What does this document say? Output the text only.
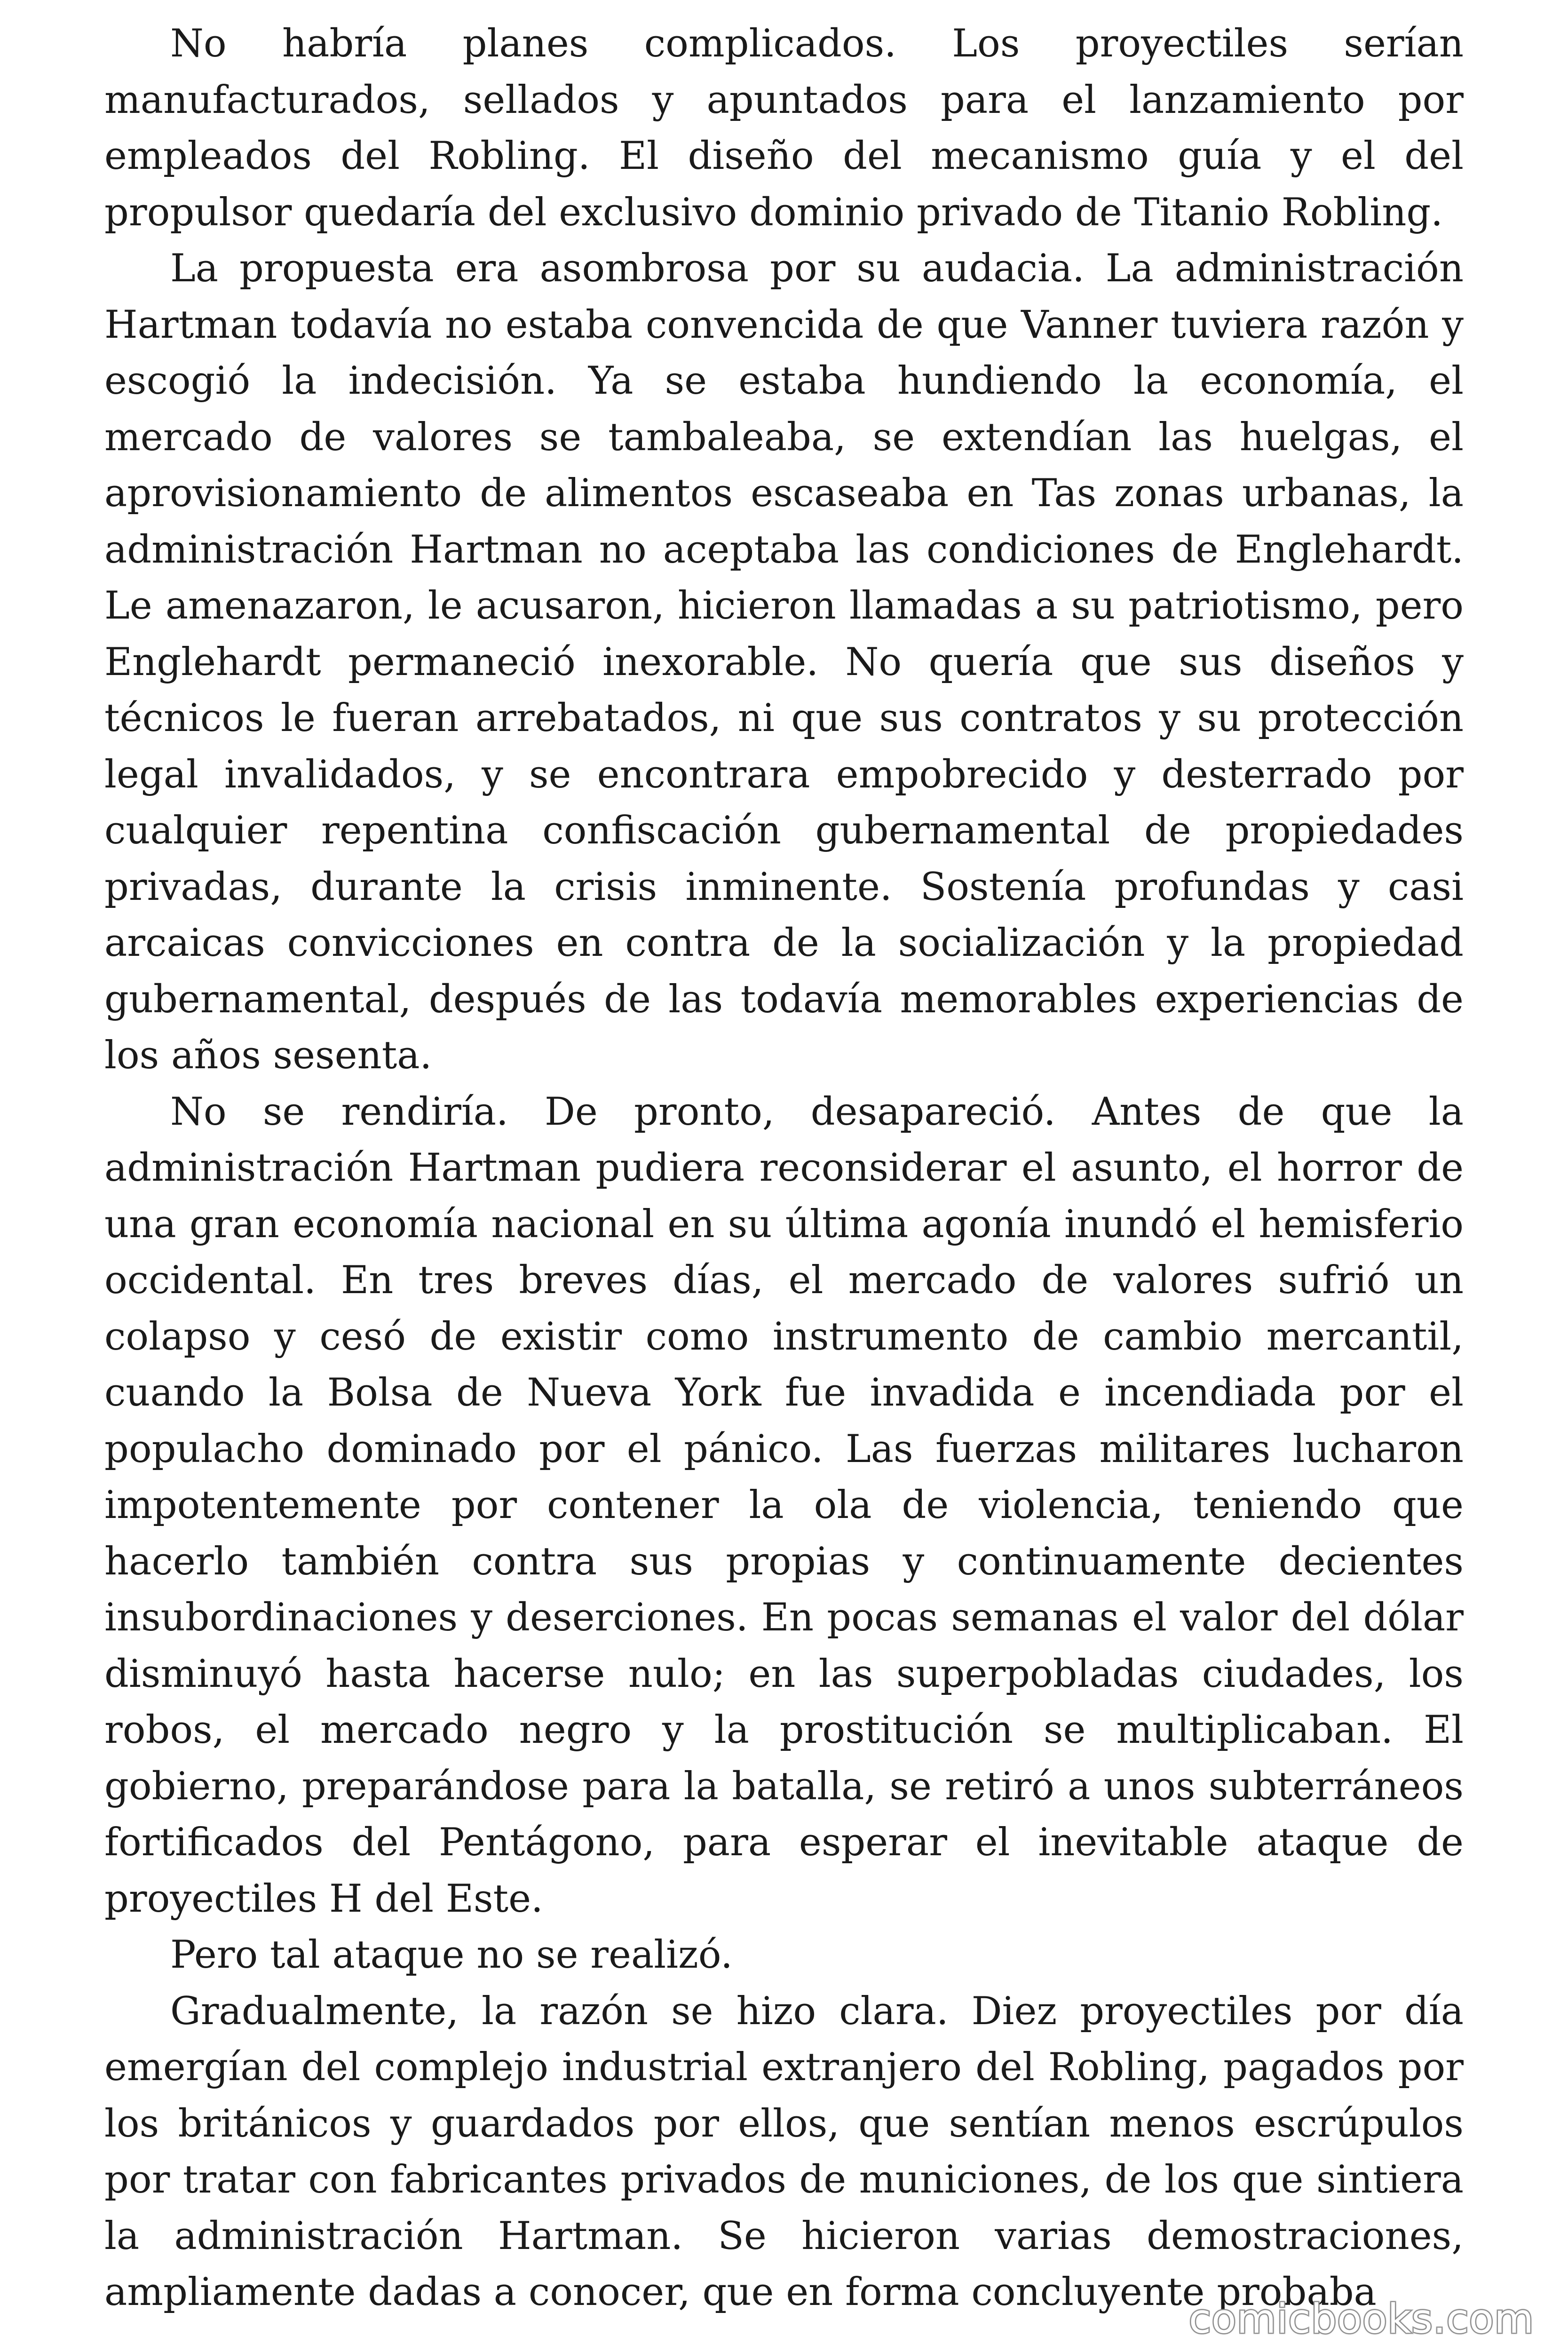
No habría planes complicados. Los proyectiles serían manufacturados, sellados y apuntados para el lanzamiento por empleados del Robling. El diseño del mecanismo guía y el del propulsor quedaría del exclusivo dominio privado de Titanio Robling.

La propuesta era asombrosa por su audacia. La administración Hartman todavía no estaba convencida de que Vanner tuviera razón y escogió la indecisión. Ya se estaba hundiendo la economía, el mercado de valores se tambaleaba, se extendían las huelgas, el aprovisionamiento de alimentos escaseaba en Tas zonas urbanas, la administración Hartman no aceptaba las condiciones de Englehardt. Le amenazaron, le acusaron, hicieron llamadas a su patriotismo, pero Englehardt permaneció inexorable. No quería que sus diseños y técnicos le fueran arrebatados, ni que sus contratos y su protección legal invalidados, y se encontrara empobrecido y desterrado por cualquier repentina confiscación gubernamental de propiedades privadas, durante la crisis inminente. Sostenía profundas y casi arcaicas convicciones en contra de la socialización y la propiedad gubernamental, después de las todavía memorables experiencias de los años sesenta.

No se rendiría. De pronto, desapareció. Antes de que la administración Hartman pudiera reconsiderar el asunto, el horror de una gran economía nacional en su última agonía inundó el hemisferio occidental. En tres breves días, el mercado de valores sufrió un colapso y cesó de existir como instrumento de cambio mercantil, cuando la Bolsa de Nueva York fue invadida e incendiada por el populacho dominado por el pánico. Las fuerzas militares lucharon impotentemente por contener la ola de violencia, teniendo que hacerlo también contra sus propias y continuamente decientes insubordinaciones y deserciones. En pocas semanas el valor del dólar disminuyó hasta hacerse nulo; en las superpobladas ciudades, los robos, el mercado negro y la prostitución se multiplicaban. El gobierno, preparándose para la batalla, se retiró a unos subterráneos fortificados del Pentágono, para esperar el inevitable ataque de proyectiles H del Este.

Pero tal ataque no se realizó.

Gradualmente, la razón se hizo clara. Diez proyectiles por día emergían del complejo industrial extranjero del Robling, pagados por los británicos y guardados por ellos, que sentían menos escrúpulos por tratar con fabricantes privados de municiones, de los que sintiera la administración Hartman. Se hicieron varias demostraciones, ampliamente dadas a conocer, que en forma concluyente probaba

comicbooks.com
